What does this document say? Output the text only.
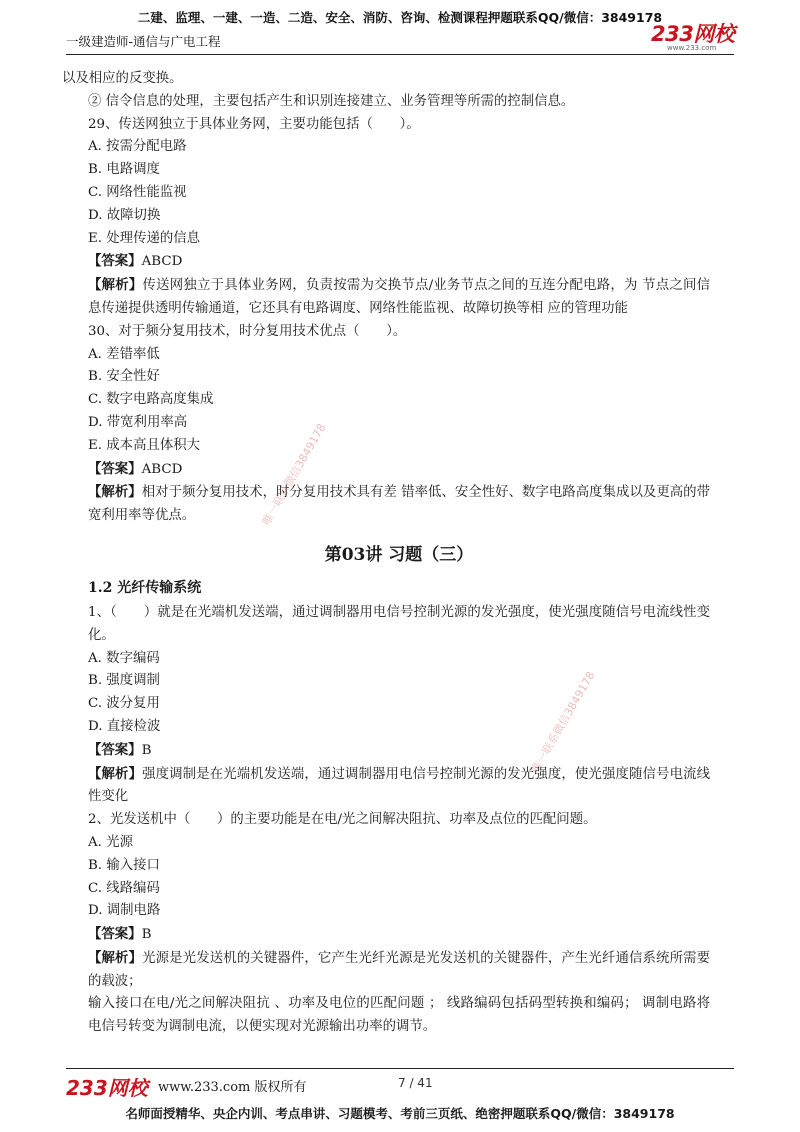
二建、监理、一建、一造、二造、安全、消防、咨询、检测课程押题联系QQ/微信：3849178
一级建造师-通信与广电工程	233网校
www.233.com
唯一联系微信3849178
唯一联系微信3849178
以及相应的反变换。
② 信令信息的处理，主要包括产生和识别连接建立、业务管理等所需的控制信息。
29、传送网独立于具体业务网，主要功能包括（　　）。
A. 按需分配电路
B. 电路调度
C. 网络性能监视
D. 故障切换
E. 处理传递的信息
【答案】ABCD
【解析】传送网独立于具体业务网，负责按需为交换节点/业务节点之间的互连分配电路，为 节点之间信息传递提供透明传输通道，它还具有电路调度、网络性能监视、故障切换等相 应的管理功能
30、对于频分复用技术，时分复用技术优点（　　）。
A. 差错率低
B. 安全性好
C. 数字电路高度集成
D. 带宽利用率高
E. 成本高且体积大
【答案】ABCD
【解析】相对于频分复用技术，时分复用技术具有差 错率低、安全性好、数字电路高度集成以及更高的带宽利用率等优点。
第03讲 习题（三）
1.2 光纤传输系统
1、（　　）就是在光端机发送端，通过调制器用电信号控制光源的发光强度，使光强度随信号电流线性变化。
A. 数字编码
B. 强度调制
C. 波分复用
D. 直接检波
【答案】B
【解析】强度调制是在光端机发送端，通过调制器用电信号控制光源的发光强度，使光强度随信号电流线性变化
2、光发送机中（　　）的主要功能是在电/光之间解决阻抗、功率及点位的匹配问题。
A. 光源
B. 输入接口
C. 线路编码
D. 调制电路
【答案】B
【解析】光源是光发送机的关键器件，它产生光纤光源是光发送机的关键器件，产生光纤通信系统所需要的载波；
输入接口在电/光之间解决阻抗 、功率及电位的匹配问题 ； 线路编码包括码型转换和编码； 调制电路将电信号转变为调制电流，以便实现对光源输出功率的调节。
233网校 www.233.com 版权所有	7 / 41
名师面授精华、央企内训、考点串讲、习题模考、考前三页纸、绝密押题联系QQ/微信：3849178
